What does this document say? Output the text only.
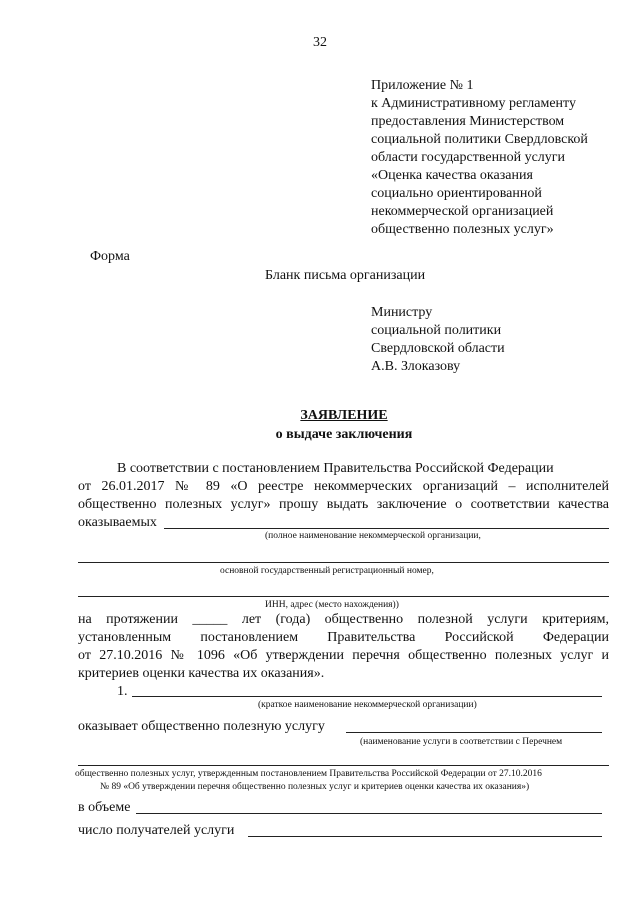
32
Приложение № 1
к Административному регламенту
предоставления Министерством
социальной политики Свердловской
области государственной услуги
«Оценка качества оказания
социально ориентированной
некоммерческой организацией
общественно полезных услуг»
Форма
Бланк письма организации
Министру
социальной политики
Свердловской области
А.В. Злоказову
ЗАЯВЛЕНИЕ
о выдаче заключения
В соответствии с постановлением Правительства Российской Федерации
от 26.01.2017 № 89 «О реестре некоммерческих организаций – исполнителей
общественно полезных услуг» прошу выдать заключение о соответствии качества
оказываемых
(полное наименование некоммерческой организации,
основной государственный регистрационный номер,
ИНН, адрес (место нахождения))
на протяжении _____ лет (года) общественно полезной услуги критериям,
установленным постановлением Правительства Российской Федерации
от 27.10.2016 № 1096 «Об утверждении перечня общественно полезных услуг и
критериев оценки качества их оказания».
1.
(краткое наименование некоммерческой организации)
оказывает общественно полезную услугу
(наименование услуги в соответствии с Перечнем
общественно полезных услуг, утвержденным постановлением Правительства Российской Федерации от 27.10.2016
№ 89 «Об утверждении перечня общественно полезных услуг и критериев оценки качества их оказания»)
в объеме
число получателей услуги
